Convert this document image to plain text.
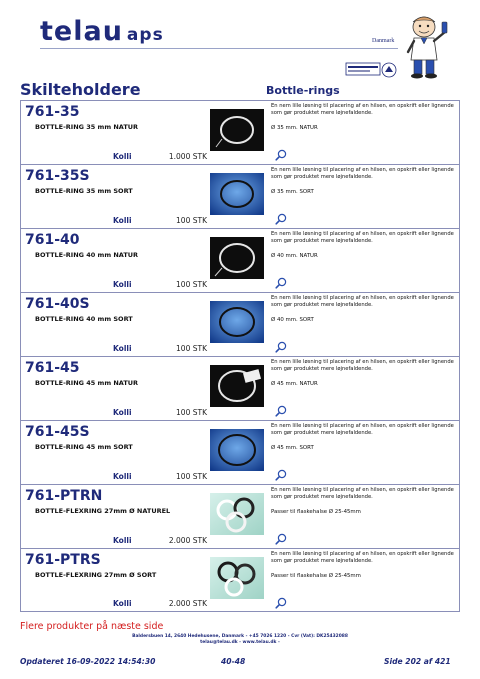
telau aps	Danmark
Skilteholdere	Bottle-rings
761-35
BOTTLE-RING 35 mm NATUR
Kolli	1.000 STK
En nem lille løsning til placering af en hilsen, en opskrift eller lignende som gør produktet mere løjnefaldende.
Ø 35 mm. NATUR
761-35S
BOTTLE-RING 35 mm SORT
Kolli	100 STK
En nem lille løsning til placering af en hilsen, en opskrift eller lignende som gør produktet mere løjnefaldende.
Ø 35 mm. SORT
761-40
BOTTLE-RING 40 mm NATUR
Kolli	100 STK
En nem lille løsning til placering af en hilsen, en opskrift eller lignende som gør produktet mere løjnefaldende.
Ø 40 mm. NATUR
761-40S
BOTTLE-RING 40 mm SORT
Kolli	100 STK
En nem lille løsning til placering af en hilsen, en opskrift eller lignende som gør produktet mere løjnefaldende.
Ø 40 mm. SORT
761-45
BOTTLE-RING 45 mm NATUR
Kolli	100 STK
En nem lille løsning til placering af en hilsen, en opskrift eller lignende som gør produktet mere løjnefaldende.
Ø 45 mm. NATUR
761-45S
BOTTLE-RING 45 mm SORT
Kolli	100 STK
En nem lille løsning til placering af en hilsen, en opskrift eller lignende som gør produktet mere løjnefaldende.
Ø 45 mm. SORT
761-PTRN
BOTTLE-FLEXRING 27mm Ø NATUREL
Kolli	2.000 STK
En nem lille løsning til placering af en hilsen, en opskrift eller lignende som gør produktet mere løjnefaldende.
Passer til flaskehalse Ø 25-45mm
761-PTRS
BOTTLE-FLEXRING 27mm Ø SORT
Kolli	2.000 STK
En nem lille løsning til placering af en hilsen, en opskrift eller lignende som gør produktet mere løjnefaldende.
Passer til flaskehalse Ø 25-45mm
Flere produkter på næste side
Baldersbuen 14, 2640 Hedehusene, Danmark - +45 7026 1220 - Cvr (Vat): DK25432088
telau@telau.dk - www.telau.dk -
Opdateret 16-09-2022 14:54:30	40-48	Side 202 af 421
